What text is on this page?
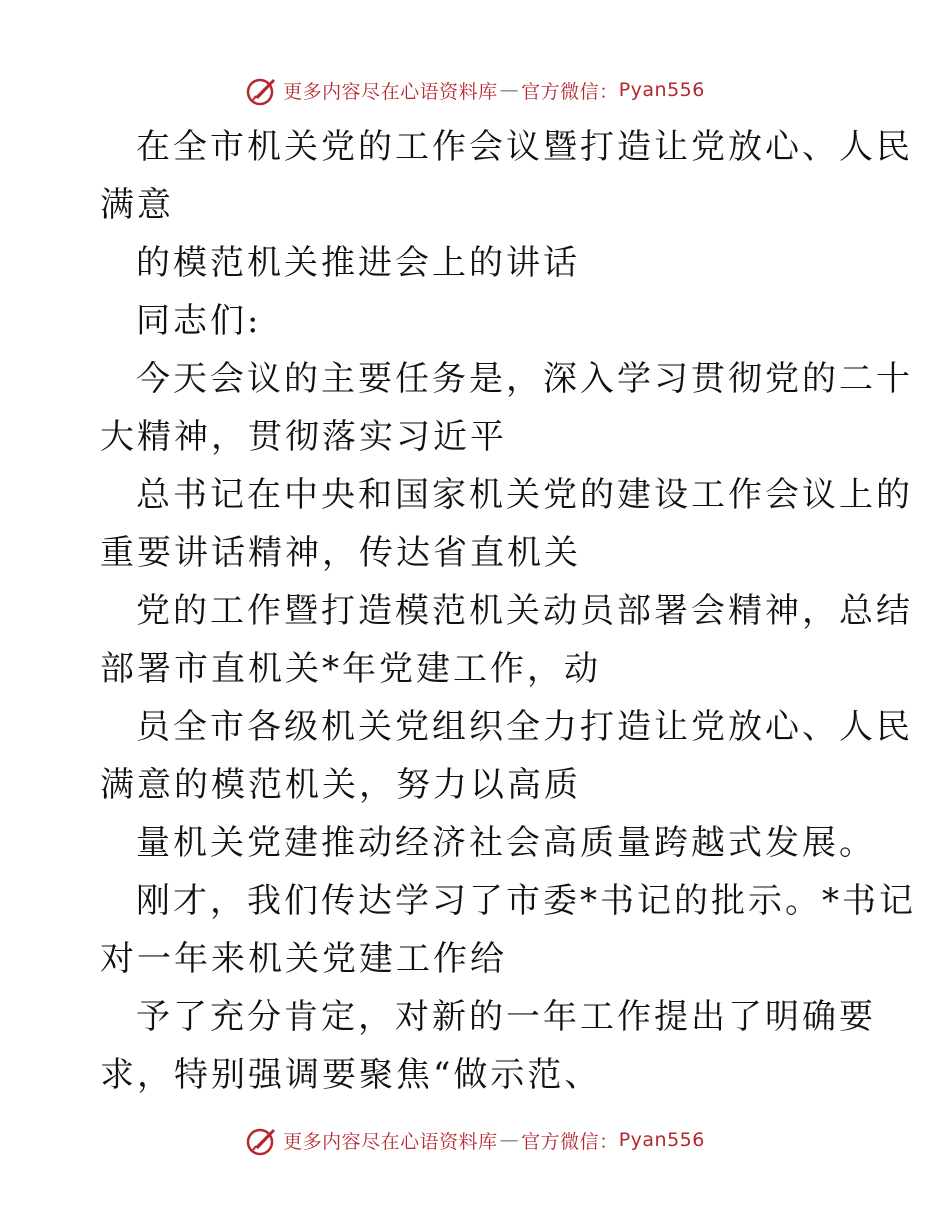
更多内容尽在心语资料库 — 官方微信： Pyan556
在全市机关党的工作会议暨打造让党放心、人民
满意
的模范机关推进会上的讲话
同志们:
今天会议的主要任务是，深入学习贯彻党的二十
大精神，贯彻落实习近平
总书记在中央和国家机关党的建设工作会议上的
重要讲话精神，传达省直机关
党的工作暨打造模范机关动员部署会精神，总结
部署市直机关*年党建工作，动
员全市各级机关党组织全力打造让党放心、人民
满意的模范机关，努力以高质
量机关党建推动经济社会高质量跨越式发展。
刚才，我们传达学习了市委*书记的批示。*书记
对一年来机关党建工作给
予了充分肯定，对新的一年工作提出了明确要
求，特别强调要聚焦“做示范、
更多内容尽在心语资料库 — 官方微信： Pyan556
